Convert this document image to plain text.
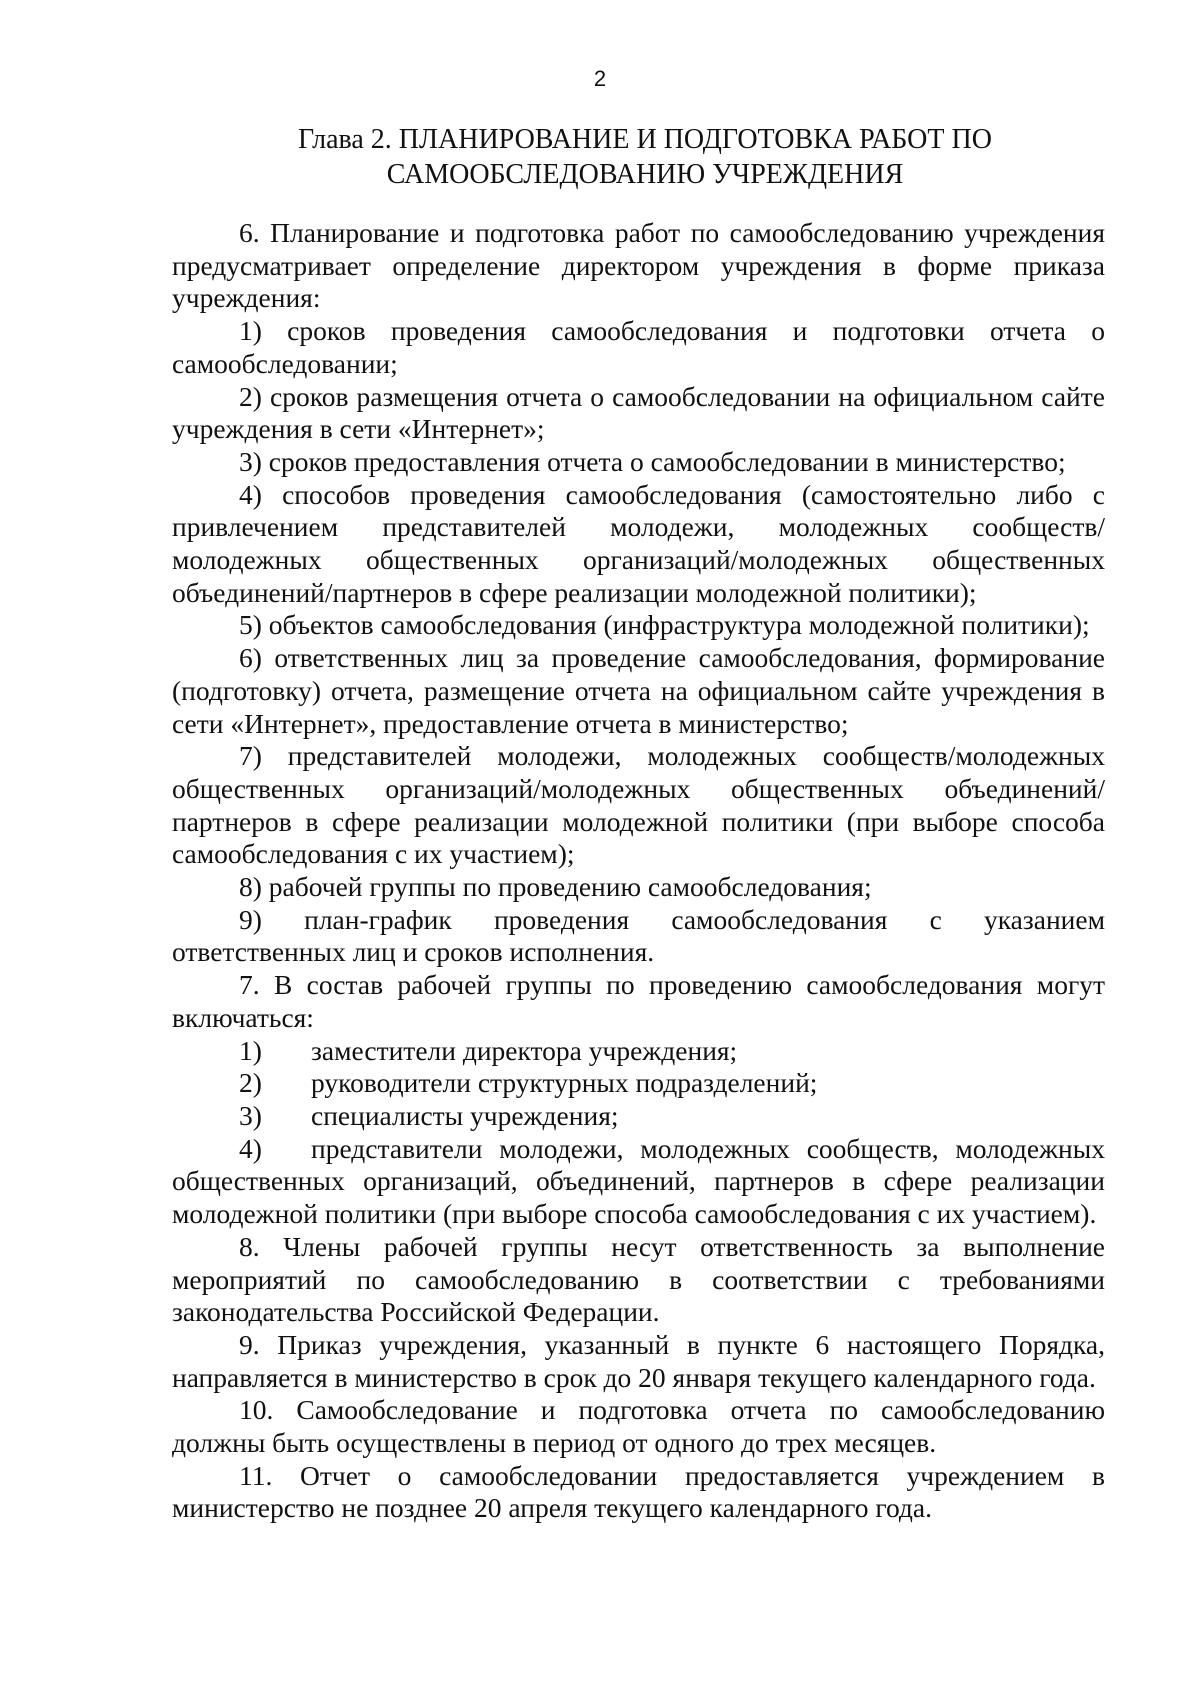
2
Глава 2. ПЛАНИРОВАНИЕ И ПОДГОТОВКА РАБОТ ПО
САМООБСЛЕДОВАНИЮ УЧРЕЖДЕНИЯ

6. Планирование и подготовка работ по самообследованию учреждения предусматривает определение директором учреждения в форме приказа учреждения:

1) сроков проведения самообследования и подготовки отчета о самообследовании;

2) сроков размещения отчета о самообследовании на официальном сайте учреждения в сети «Интернет»;

3) сроков предоставления отчета о самообследовании в министерство;

4) способов проведения самообследования (самостоятельно либо с привлечением представителей молодежи, молодежных сообществ/ молодежных общественных организаций/молодежных общественных объединений/партнеров в сфере реализации молодежной политики);

5) объектов самообследования (инфраструктура молодежной политики);

6) ответственных лиц за проведение самообследования, формирование (подготовку) отчета, размещение отчета на официальном сайте учреждения в сети «Интернет», предоставление отчета в министерство;

7) представителей молодежи, молодежных сообществ/молодежных общественных организаций/молодежных общественных объединений/ партнеров в сфере реализации молодежной политики (при выборе способа самообследования с их участием);

8) рабочей группы по проведению самообследования;

9) план-график проведения самообследования с указанием ответственных лиц и сроков исполнения.

7. В состав рабочей группы по проведению самообследования могут включаться:

1) заместители директора учреждения;

2) руководители структурных подразделений;

3) специалисты учреждения;

4) представители молодежи, молодежных сообществ, молодежных общественных организаций, объединений, партнеров в сфере реализации молодежной политики (при выборе способа самообследования с их участием).

8. Члены рабочей группы несут ответственность за выполнение мероприятий по самообследованию в соответствии с требованиями законодательства Российской Федерации.

9. Приказ учреждения, указанный в пункте 6 настоящего Порядка, направляется в министерство в срок до 20 января текущего календарного года.

10. Самообследование и подготовка отчета по самообследованию должны быть осуществлены в период от одного до трех месяцев.

11. Отчет о самообследовании предоставляется учреждением в министерство не позднее 20 апреля текущего календарного года.
